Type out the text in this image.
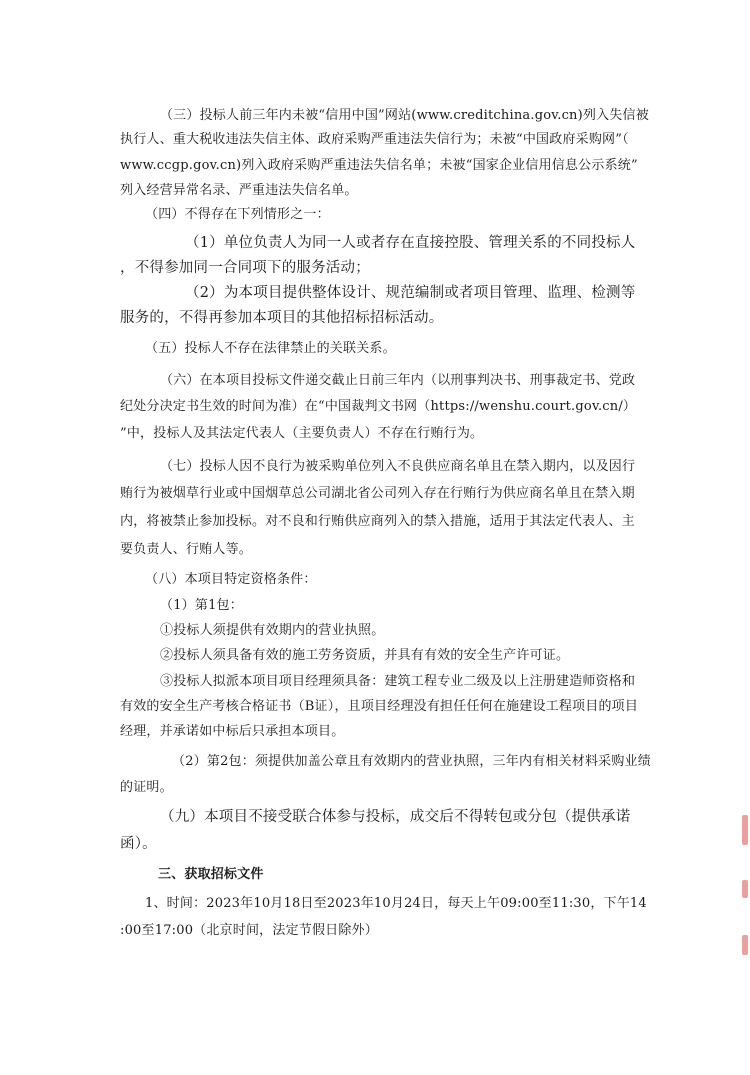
（三）投标人前三年内未被“信用中国”网站(www.creditchina.gov.cn)列入失信被
执行人、重大税收违法失信主体、政府采购严重违法失信行为；未被“中国政府采购网”（
www.ccgp.gov.cn)列入政府采购严重违法失信名单；未被“国家企业信用信息公示系统”
列入经营异常名录、严重违法失信名单。
（四）不得存在下列情形之一：
（1）单位负责人为同一人或者存在直接控股、管理关系的不同投标人
，不得参加同一合同项下的服务活动；
（2）为本项目提供整体设计、规范编制或者项目管理、监理、检测等
服务的，不得再参加本项目的其他招标招标活动。
（五）投标人不存在法律禁止的关联关系。
（六）在本项目投标文件递交截止日前三年内（以刑事判决书、刑事裁定书、党政
纪处分决定书生效的时间为准）在“中国裁判文书网（https://wenshu.court.gov.cn/）
”中，投标人及其法定代表人（主要负责人）不存在行贿行为。
（七）投标人因不良行为被采购单位列入不良供应商名单且在禁入期内，以及因行
贿行为被烟草行业或中国烟草总公司湖北省公司列入存在行贿行为供应商名单且在禁入期
内，将被禁止参加投标。对不良和行贿供应商列入的禁入措施，适用于其法定代表人、主
要负责人、行贿人等。
（八）本项目特定资格条件：
（1）第1包：
①投标人须提供有效期内的营业执照。
②投标人须具备有效的施工劳务资质，并具有有效的安全生产许可证。
③投标人拟派本项目项目经理须具备：建筑工程专业二级及以上注册建造师资格和
有效的安全生产考核合格证书（B证），且项目经理没有担任任何在施建设工程项目的项目
经理，并承诺如中标后只承担本项目。
（2）第2包：须提供加盖公章且有效期内的营业执照，三年内有相关材料采购业绩
的证明。
（九）本项目不接受联合体参与投标，成交后不得转包或分包（提供承诺
函）。
三、获取招标文件
1、时间：2023年10月18日至2023年10月24日，每天上午09:00至11:30，下午14
:00至17:00（北京时间，法定节假日除外）
